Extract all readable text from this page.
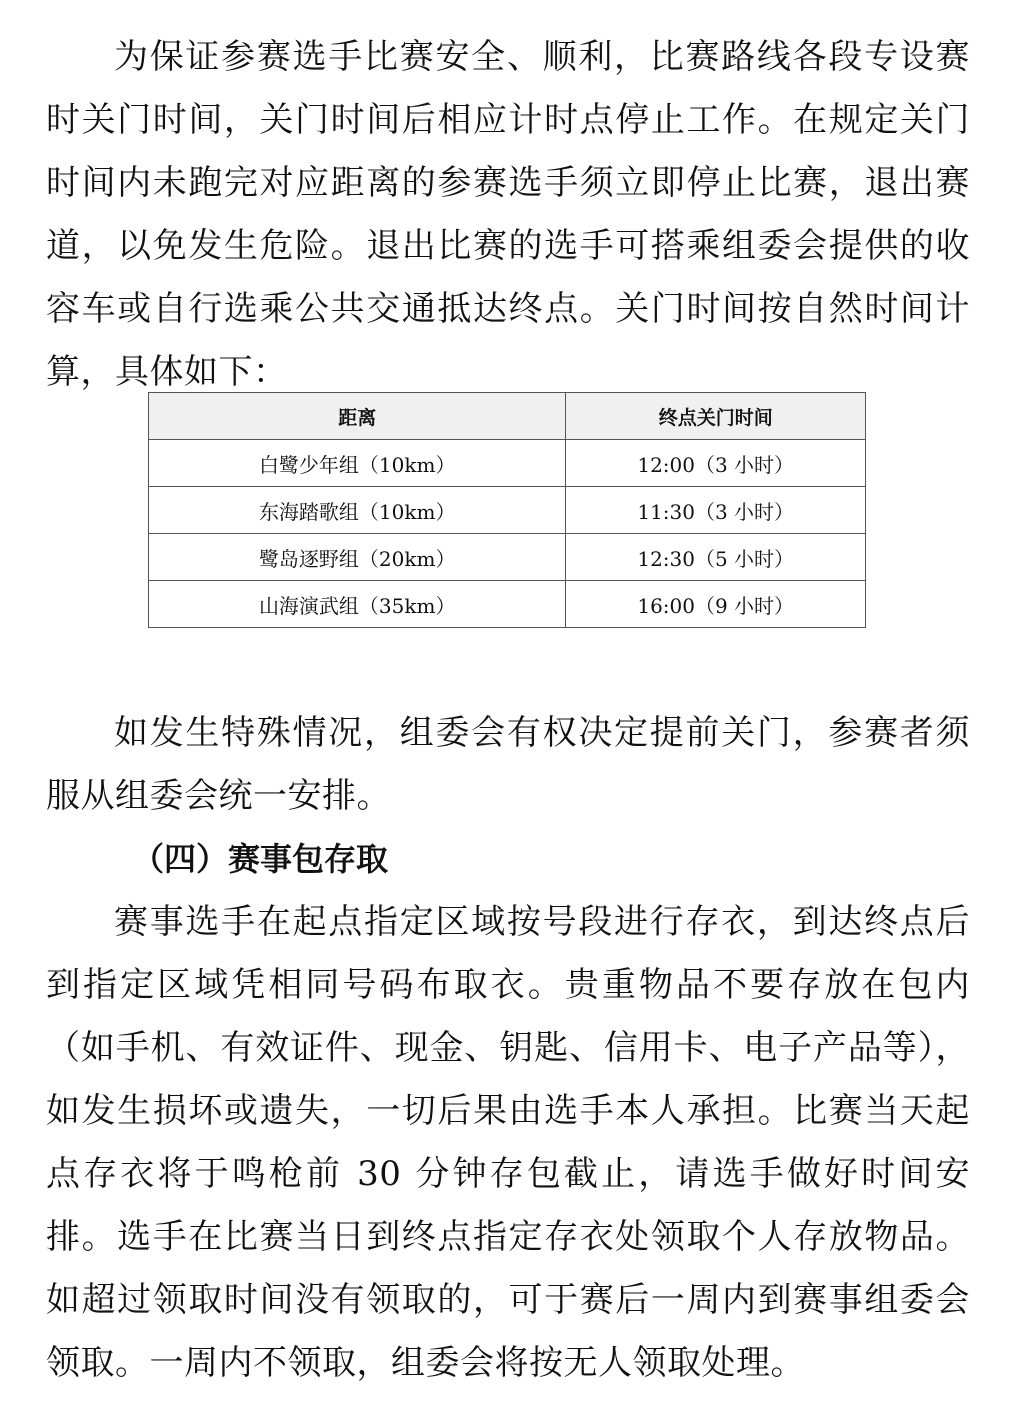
为保证参赛选手比赛安全、顺利，比赛路线各段专设赛时关门时间，关门时间后相应计时点停止工作。在规定关门时间内未跑完对应距离的参赛选手须立即停止比赛，退出赛道，以免发生危险。退出比赛的选手可搭乘组委会提供的收容车或自行选乘公共交通抵达终点。关门时间按自然时间计算，具体如下：

距离	终点关门时间
白鹭少年组（10km）	12:00（3 小时）
东海踏歌组（10km）	11:30（3 小时）
鹭岛逐野组（20km）	12:30（5 小时）
山海演武组（35km）	16:00（9 小时）

如发生特殊情况，组委会有权决定提前关门，参赛者须服从组委会统一安排。

（四）赛事包存取

赛事选手在起点指定区域按号段进行存衣，到达终点后到指定区域凭相同号码布取衣。贵重物品不要存放在包内（如手机、有效证件、现金、钥匙、信用卡、电子产品等），如发生损坏或遗失，一切后果由选手本人承担。比赛当天起点存衣将于鸣枪前 30 分钟存包截止，请选手做好时间安排。选手在比赛当日到终点指定存衣处领取个人存放物品。如超过领取时间没有领取的，可于赛后一周内到赛事组委会领取。一周内不领取，组委会将按无人领取处理。
